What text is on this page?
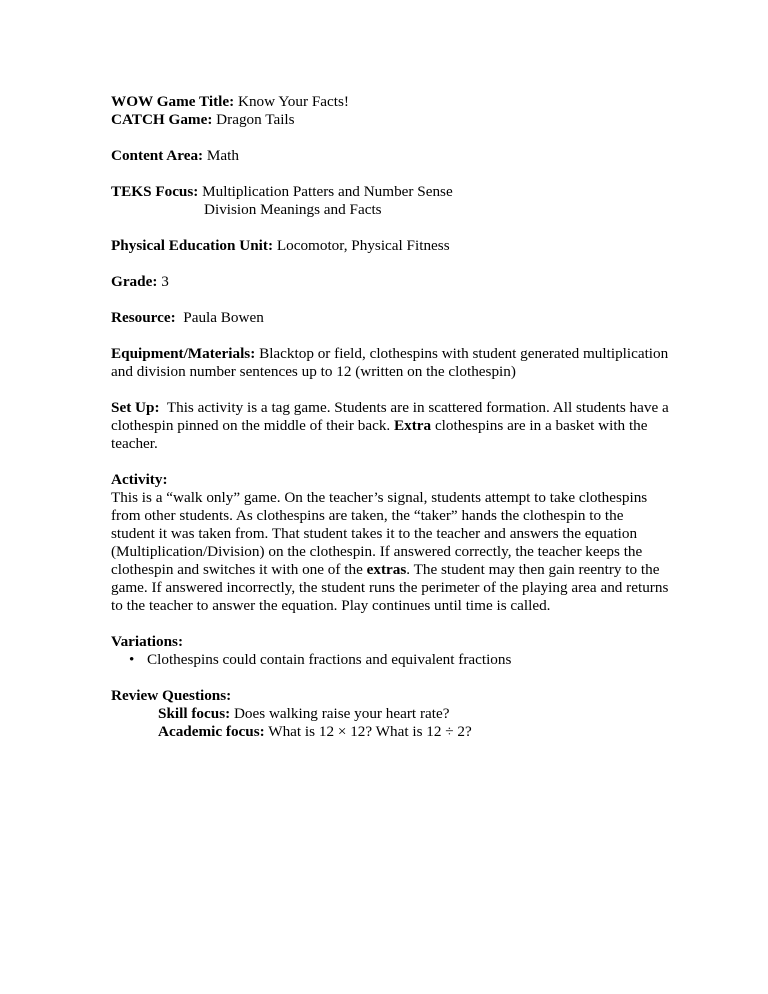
WOW Game Title: Know Your Facts!

CATCH Game: Dragon Tails

Content Area: Math

TEKS Focus: Multiplication Patters and Number Sense

Division Meanings and Facts

Physical Education Unit: Locomotor, Physical Fitness

Grade: 3

Resource: Paula Bowen

Equipment/Materials: Blacktop or field, clothespins with student generated multiplication and division number sentences up to 12 (written on the clothespin)

Set Up: This activity is a tag game. Students are in scattered formation. All students have a clothespin pinned on the middle of their back. Extra clothespins are in a basket with the teacher.

Activity:

This is a “walk only” game. On the teacher’s signal, students attempt to take clothespins from other students. As clothespins are taken, the “taker” hands the clothespin to the student it was taken from. That student takes it to the teacher and answers the equation (Multiplication/Division) on the clothespin. If answered correctly, the teacher keeps the clothespin and switches it with one of the extras. The student may then gain reentry to the game. If answered incorrectly, the student runs the perimeter of the playing area and returns to the teacher to answer the equation. Play continues until time is called.

Variations:

• Clothespins could contain fractions and equivalent fractions

Review Questions:

Skill focus: Does walking raise your heart rate?

Academic focus: What is 12 × 12? What is 12 ÷ 2?
